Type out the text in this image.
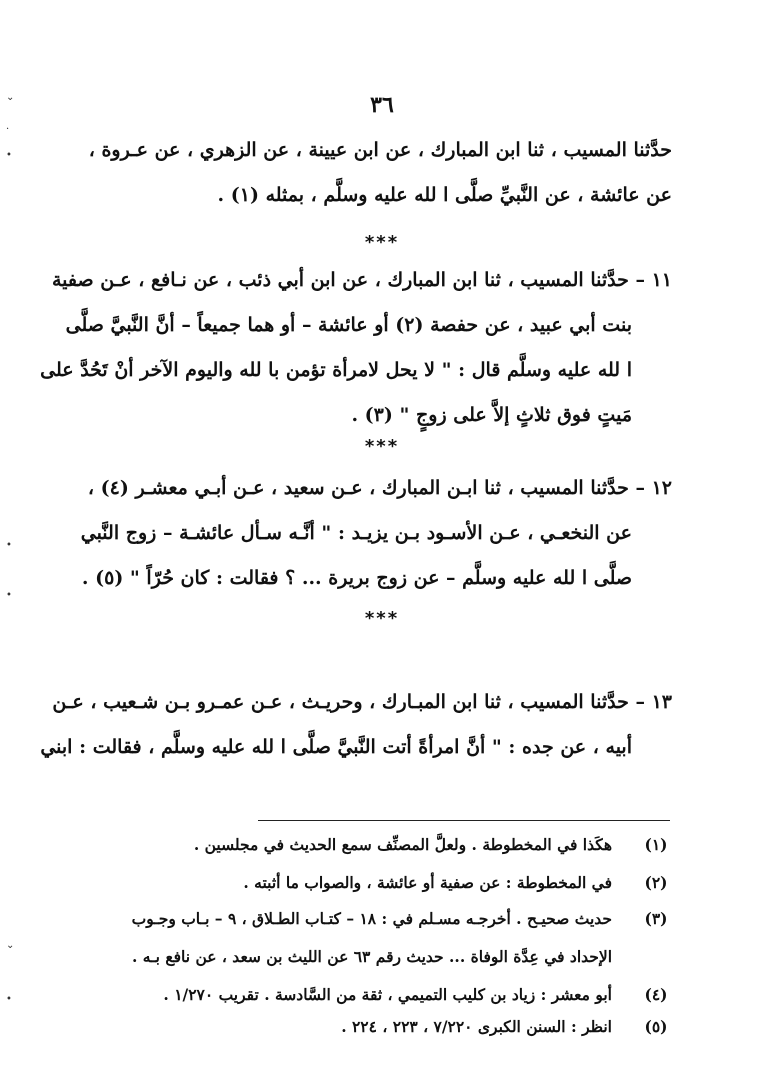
٣٦
حدَّثنا المسيب ، ثنا ابن المبارك ، عن ابن عيينة ، عن الزهري ، عن عـروة ،
عن عائشة ، عن النَّبيِّ صلَّى ا لله عليه وسلَّم ، بمثله (١) .
***
١١ – حدَّثنا المسيب ، ثنا ابن المبارك ، عن ابن أبي ذئب ، عن نـافع ، عـن صفية
بنت أبي عبيد ، عن حفصة (٢) أو عائشة – أو هما جميعاً – أنَّ النَّبيَّ صلَّى
ا لله عليه وسلَّم قال : " لا يحل لامرأة تؤمن با لله واليوم الآخر أنْ تَحُدَّ على
مَيتٍ فوق ثلاثٍ إلاَّ على زوجٍ " (٣) .
***
١٢ – حدَّثنا المسيب ، ثنا ابـن المبارك ، عـن سعيد ، عـن أبـي معشـر (٤) ،
عن النخعـي ، عـن الأسـود بـن يزيـد : " أنَّـه سـأل عائشـة – زوج النَّبي
صلَّى ا لله عليه وسلَّم – عن زوج بريرة ... ؟ فقالت : كان حُرّاً " (٥) .
***
١٣ – حدَّثنا المسيب ، ثنا ابن المبـارك ، وحريـث ، عـن عمـرو بـن شـعيب ، عـن
أبيه ، عن جده : " أنَّ امرأةً أتت النَّبيَّ صلَّى ا لله عليه وسلَّم ، فقالت : ابني
(١)
هكَذا في المخطوطة . ولعلَّ المصنِّف سمع الحديث في مجلسين .
(٢)
في المخطوطة : عن صفية أو عائشة ، والصواب ما أثبته .
(٣)
حديث صحيـح . أخرجـه مسـلم في : ١٨ – كتـاب الطـلاق ، ٩ – بـاب وجـوب
الإحداد في عِدَّة الوفاة ... حديث رقم ٦٣ عن الليث بن سعد ، عن نافع بـه .
(٤)
أبو معشر : زياد بن كليب التميمي ، ثقة من السَّادسة . تقريب ١/٢٧٠ .
(٥)
انظر : السنن الكبرى ٧/٢٢٠ ، ٢٢٣ ، ٢٢٤ .
⌄
·
•
•
•
⌄
•
